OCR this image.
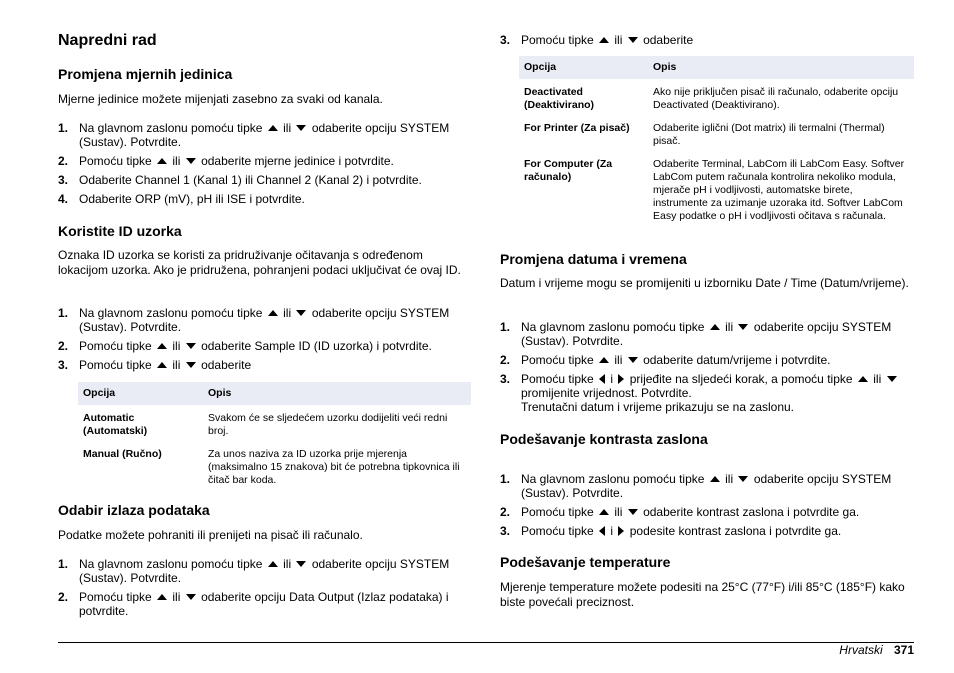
Napredni rad
Promjena mjernih jedinica

Mjerne jedinice možete mijenjati zasebno za svaki od kanala.

1. Na glavnom zaslonu pomoću tipke ili odaberite opciju SYSTEM (Sustav). Potvrdite.
2. Pomoću tipke ili odaberite mjerne jedinice i potvrdite.
3. Odaberite Channel 1 (Kanal 1) ili Channel 2 (Kanal 2) i potvrdite.
4. Odaberite ORP (mV), pH ili ISE i potvrdite.
Koristite ID uzorka

Oznaka ID uzorka se koristi za pridruživanje očitavanja s određenom lokacijom uzorka. Ako je pridružena, pohranjeni podaci uključivat će ovaj ID.

1. Na glavnom zaslonu pomoću tipke ili odaberite opciju SYSTEM (Sustav). Potvrdite.
2. Pomoću tipke ili odaberite Sample ID (ID uzorka) i potvrdite.
3. Pomoću tipke ili odaberite
Opcija	Opis
Automatic (Automatski)	Svakom će se sljedećem uzorku dodijeliti veći redni broj.
Manual (Ručno)	Za unos naziva za ID uzorka prije mjerenja (maksimalno 15 znakova) bit će potrebna tipkovnica ili čitač bar koda.
Odabir izlaza podataka

Podatke možete pohraniti ili prenijeti na pisač ili računalo.

1. Na glavnom zaslonu pomoću tipke ili odaberite opciju SYSTEM (Sustav). Potvrdite.
2. Pomoću tipke ili odaberite opciju Data Output (Izlaz podataka) i potvrdite.
3. Pomoću tipke ili odaberite
Opcija	Opis
Deactivated (Deaktivirano)	Ako nije priključen pisač ili računalo, odaberite opciju Deactivated (Deaktivirano).
For Printer (Za pisač)	Odaberite iglični (Dot matrix) ili termalni (Thermal) pisač.
For Computer (Za računalo)	Odaberite Terminal, LabCom ili LabCom Easy. Softver LabCom putem računala kontrolira nekoliko modula, mjerače pH i vodljivosti, automatske birete, instrumente za uzimanje uzoraka itd. Softver LabCom Easy podatke o pH i vodljivosti očitava s računala.
Promjena datuma i vremena

Datum i vrijeme mogu se promijeniti u izborniku Date / Time (Datum/vrijeme).

1. Na glavnom zaslonu pomoću tipke ili odaberite opciju SYSTEM (Sustav). Potvrdite.
2. Pomoću tipke ili odaberite datum/vrijeme i potvrdite.
3. Pomoću tipke i prijeđite na sljedeći korak, a pomoću tipke ili  promijenite vrijednost. Potvrdite.
Trenutačni datum i vrijeme prikazuju se na zaslonu.
Podešavanje kontrasta zaslona
1. Na glavnom zaslonu pomoću tipke ili odaberite opciju SYSTEM (Sustav). Potvrdite.
2. Pomoću tipke ili odaberite kontrast zaslona i potvrdite ga.
3. Pomoću tipke i podesite kontrast zaslona i potvrdite ga.
Podešavanje temperature

Mjerenje temperature možete podesiti na 25°C (77°F) i/ili 85°C (185°F) kako biste povećali preciznost.

Hrvatski 371
